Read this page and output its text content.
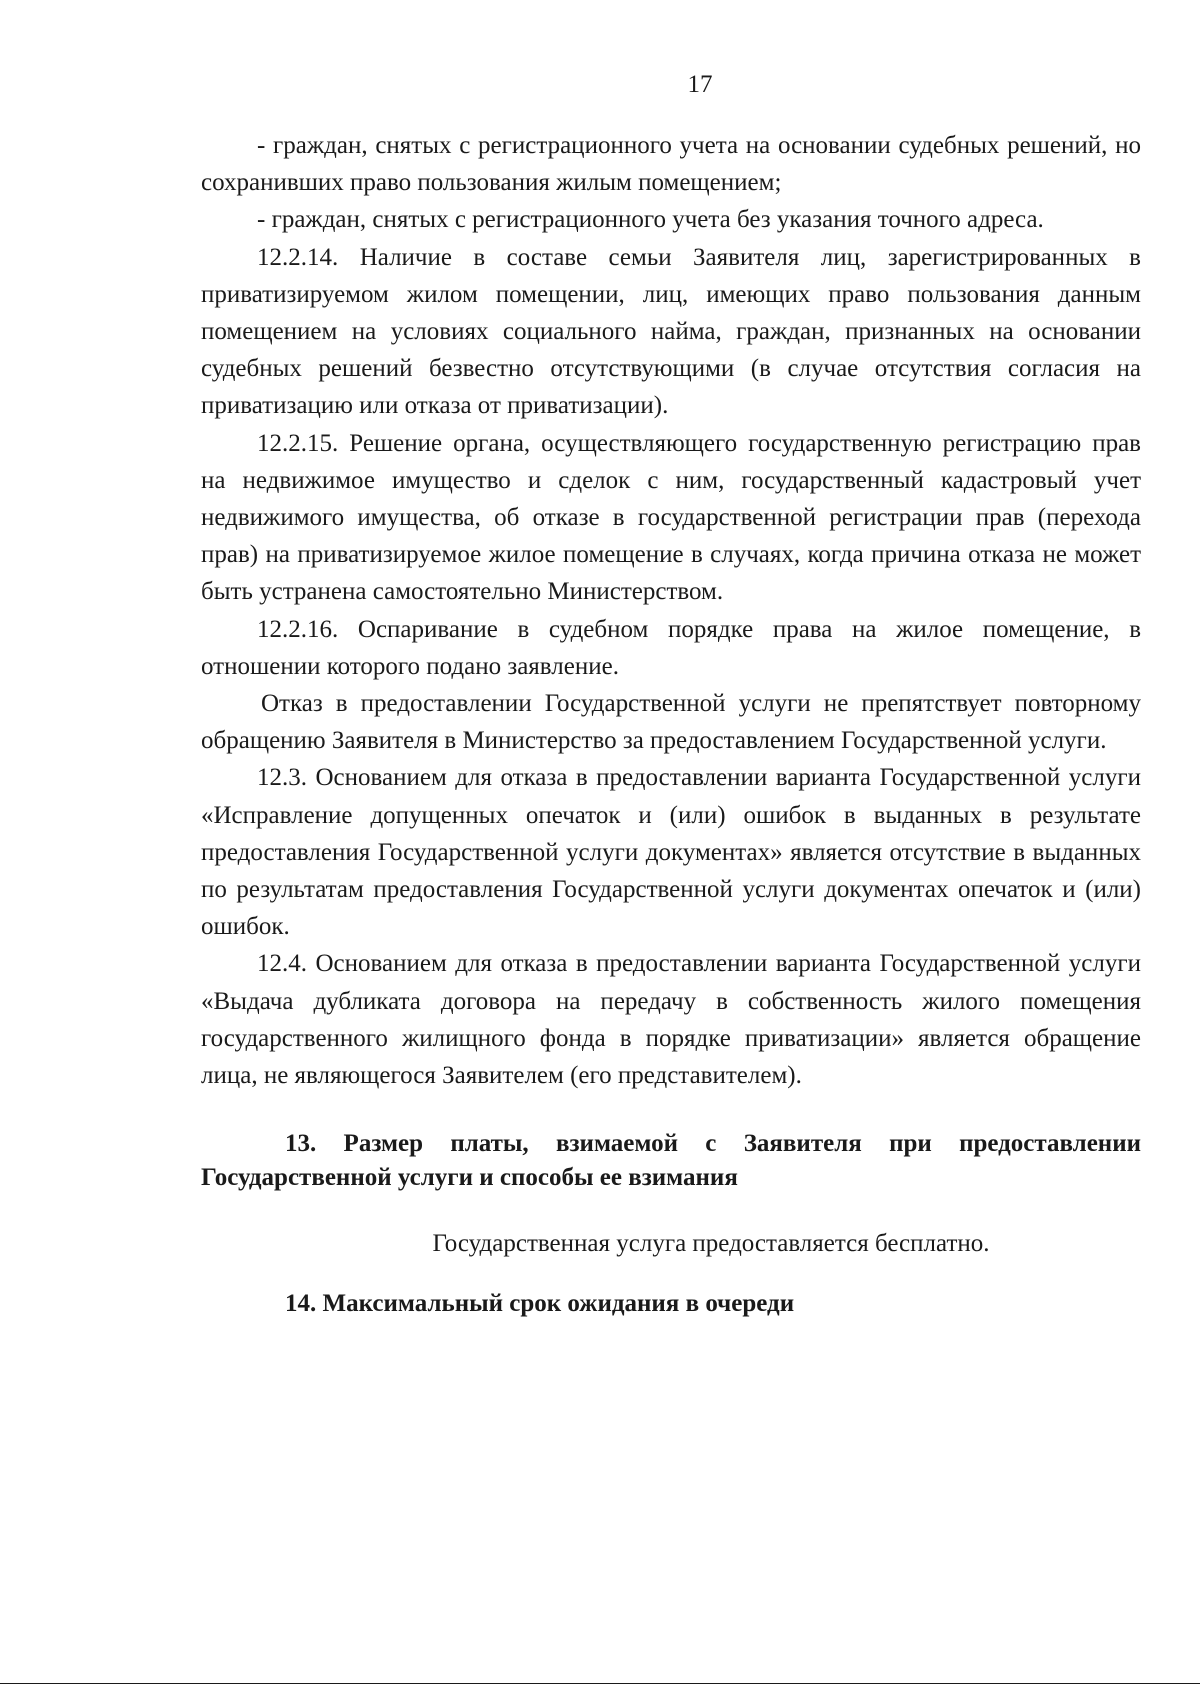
17

- граждан, снятых с регистрационного учета на основании судебных решений, но сохранивших право пользования жилым помещением;

- граждан, снятых с регистрационного учета без указания точного адреса.

12.2.14. Наличие в составе семьи Заявителя лиц, зарегистрированных в приватизируемом жилом помещении, лиц, имеющих право пользования данным помещением на условиях социального найма, граждан, признанных на основании судебных решений безвестно отсутствующими (в случае отсутствия согласия на приватизацию или отказа от приватизации).

12.2.15. Решение органа, осуществляющего государственную регистрацию прав на недвижимое имущество и сделок с ним, государственный кадастровый учет недвижимого имущества, об отказе в государственной регистрации прав (перехода прав) на приватизируемое жилое помещение в случаях, когда причина отказа не может быть устранена самостоятельно Министерством.

12.2.16. Оспаривание в судебном порядке права на жилое помещение, в отношении которого подано заявление.

Отказ в предоставлении Государственной услуги не препятствует повторному обращению Заявителя в Министерство за предоставлением Государственной услуги.

12.3. Основанием для отказа в предоставлении варианта Государственной услуги «Исправление допущенных опечаток и (или) ошибок в выданных в результате предоставления Государственной услуги документах» является отсутствие в выданных по результатам предоставления Государственной услуги документах опечаток и (или) ошибок.

12.4. Основанием для отказа в предоставлении варианта Государственной услуги «Выдача дубликата договора на передачу в собственность жилого помещения государственного жилищного фонда в порядке приватизации» является обращение лица, не являющегося Заявителем (его представителем).

13. Размер платы, взимаемой с Заявителя при предоставлении Государственной услуги и способы ее взимания
Государственная услуга предоставляется бесплатно.
14. Максимальный срок ожидания в очереди
